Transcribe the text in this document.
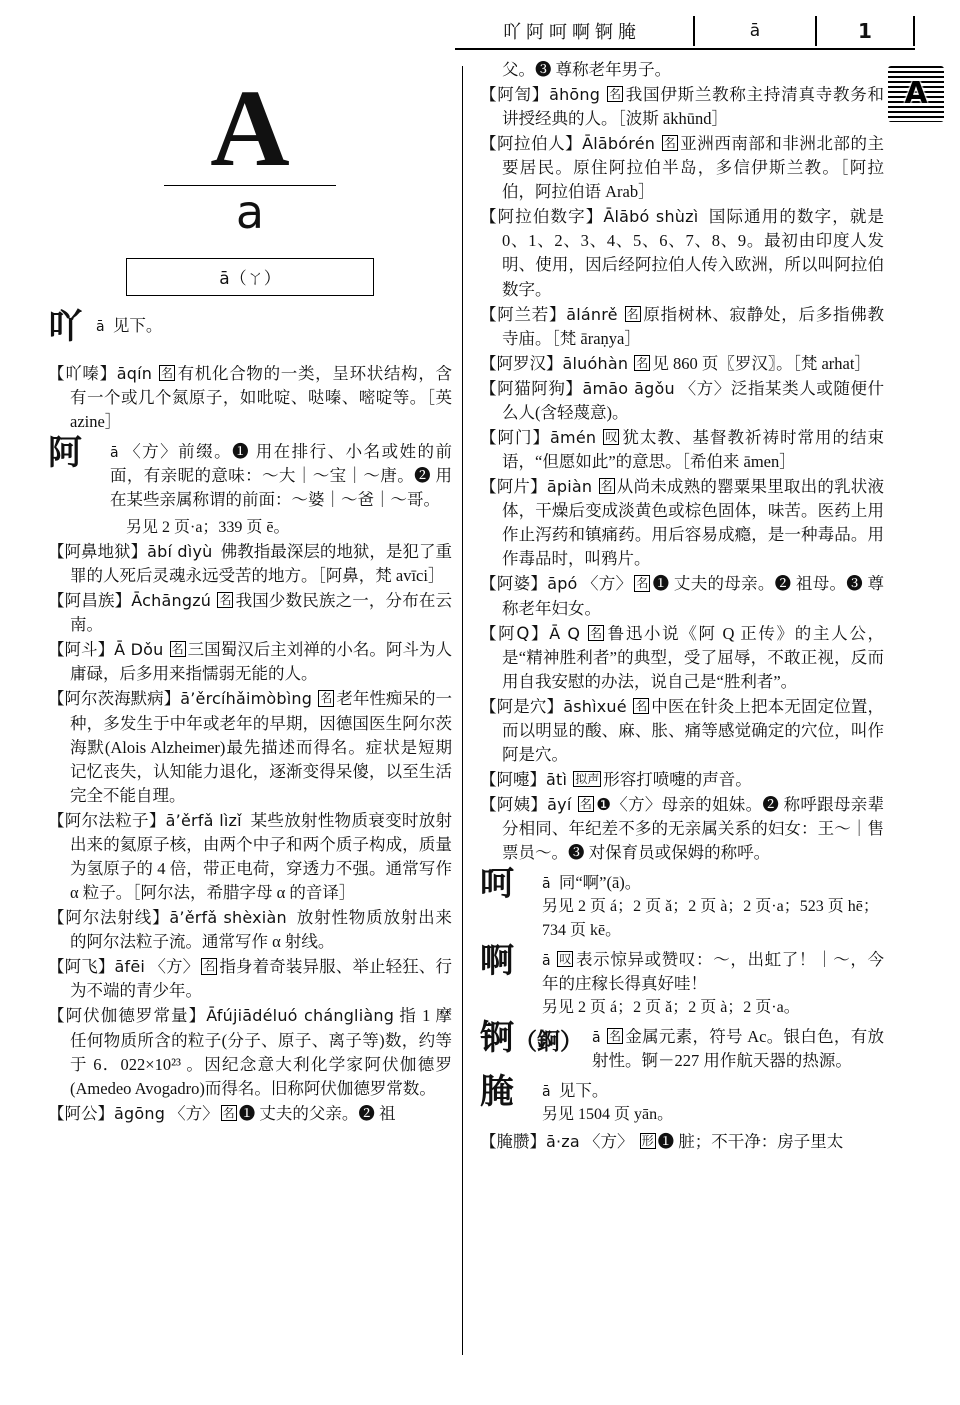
吖阿呵啊锕腌	ā	1
A
A
a
ā（ㄚ）
吖	ā 见下。
【吖嗪】āqín 名 有机化合物的一类，呈环状结构，含有一个或几个氮原子，如吡啶、哒嗪、嘧啶等。［英 azine］
阿	ā 〈方〉前缀。❶ 用在排行、小名或姓的前面，有亲昵的意味：～大｜～宝｜～唐。❷ 用在某些亲属称谓的前面：～婆｜～爸｜～哥。
另见 2 页·a；339 页 ē。
【阿鼻地狱】ābí dìyù 佛教指最深层的地狱，是犯了重罪的人死后灵魂永远受苦的地方。［阿鼻，梵 avīci］
【阿昌族】Āchāngzú 名 我国少数民族之一，分布在云南。
【阿斗】Ā Dǒu 名 三国蜀汉后主刘禅的小名。阿斗为人庸碌，后多用来指懦弱无能的人。
【阿尔茨海默病】ā’ěrcíhǎimòbìng 名 老年性痴呆的一种，多发生于中年或老年的早期，因德国医生阿尔茨海默(Alois Alzheimer)最先描述而得名。症状是短期记忆丧失，认知能力退化，逐渐变得呆傻，以至生活完全不能自理。
【阿尔法粒子】ā’ěrfǎ lìzǐ 某些放射性物质衰变时放射出来的氦原子核，由两个中子和两个质子构成，质量为氢原子的 4 倍，带正电荷，穿透力不强。通常写作 α 粒子。［阿尔法，希腊字母 α 的音译］
【阿尔法射线】ā’ěrfǎ shèxiàn 放射性物质放射出来的阿尔法粒子流。通常写作 α 射线。
【阿飞】āfēi 〈方〉 名 指身着奇装异服、举止轻狂、行为不端的青少年。
【阿伏伽德罗常量】Āfújiādéluó chángliàng 指 1 摩任何物质所含的粒子(分子、原子、离子等)数，约等于 6．022×10²³ 。因纪念意大利化学家阿伏伽德罗(Amedeo Avogadro)而得名。旧称阿伏伽德罗常数。
【阿公】āgōng 〈方〉 名 ❶ 丈夫的父亲。❷ 祖
父。❸ 尊称老年男子。
【阿訇】āhōng 名 我国伊斯兰教称主持清真寺教务和讲授经典的人。［波斯 ākhūnd］
【阿拉伯人】Ālābórén 名 亚洲西南部和非洲北部的主要居民。原住阿拉伯半岛，多信伊斯兰教。［阿拉伯，阿拉伯语 Arab］
【阿拉伯数字】Ālābó shùzì 国际通用的数字，就是 0、1、2、3、4、5、6、7、8、9。最初由印度人发明、使用，因后经阿拉伯人传入欧洲，所以叫阿拉伯数字。
【阿兰若】ālánrě 名 原指树林、寂静处，后多指佛教寺庙。［梵 āraṇya］
【阿罗汉】āluóhàn 名 见 860 页〖罗汉〗。［梵 arhat］
【阿猫阿狗】āmāo āgǒu 〈方〉泛指某类人或随便什么人(含轻蔑意)。
【阿门】āmén 叹 犹太教、基督教祈祷时常用的结束语，“但愿如此”的意思。［希伯来 āmen］
【阿片】āpiàn 名 从尚未成熟的罂粟果里取出的乳状液体，干燥后变成淡黄色或棕色固体，味苦。医药上用作止泻药和镇痛药。用后容易成瘾，是一种毒品。用作毒品时，叫鸦片。
【阿婆】āpó 〈方〉 名 ❶ 丈夫的母亲。❷ 祖母。❸ 尊称老年妇女。
【阿Q】Ā Q 名 鲁迅小说《阿 Q 正传》的主人公，是“精神胜利者”的典型，受了屈辱，不敢正视，反而用自我安慰的办法，说自己是“胜利者”。
【阿是穴】āshìxué 名 中医在针灸上把本无固定位置，而以明显的酸、麻、胀、痛等感觉确定的穴位，叫作阿是穴。
【阿嚏】ātì 拟声 形容打喷嚏的声音。
【阿姨】āyí 名 ❶〈方〉母亲的姐妹。❷ 称呼跟母亲辈分相同、年纪差不多的无亲属关系的妇女：王～｜售票员～。❸ 对保育员或保姆的称呼。
呵	ā 同“啊”(ā)。
另见 2 页 á；2 页 ǎ；2 页 à；2 页·a；523 页 hē；734 页 kē。
啊	ā 叹 表示惊异或赞叹：～，出虹了！｜～，今年的庄稼长得真好哇！
另见 2 页 á；2 页 ǎ；2 页 à；2 页·a。
锕（錒） ā 名 金属元素，符号 Ac。银白色，有放射性。锕－227 用作航天器的热源。
腌	ā 见下。
另见 1504 页 yān。
【腌臜】ā·za 〈方〉 形 ❶ 脏；不干净：房子里太
